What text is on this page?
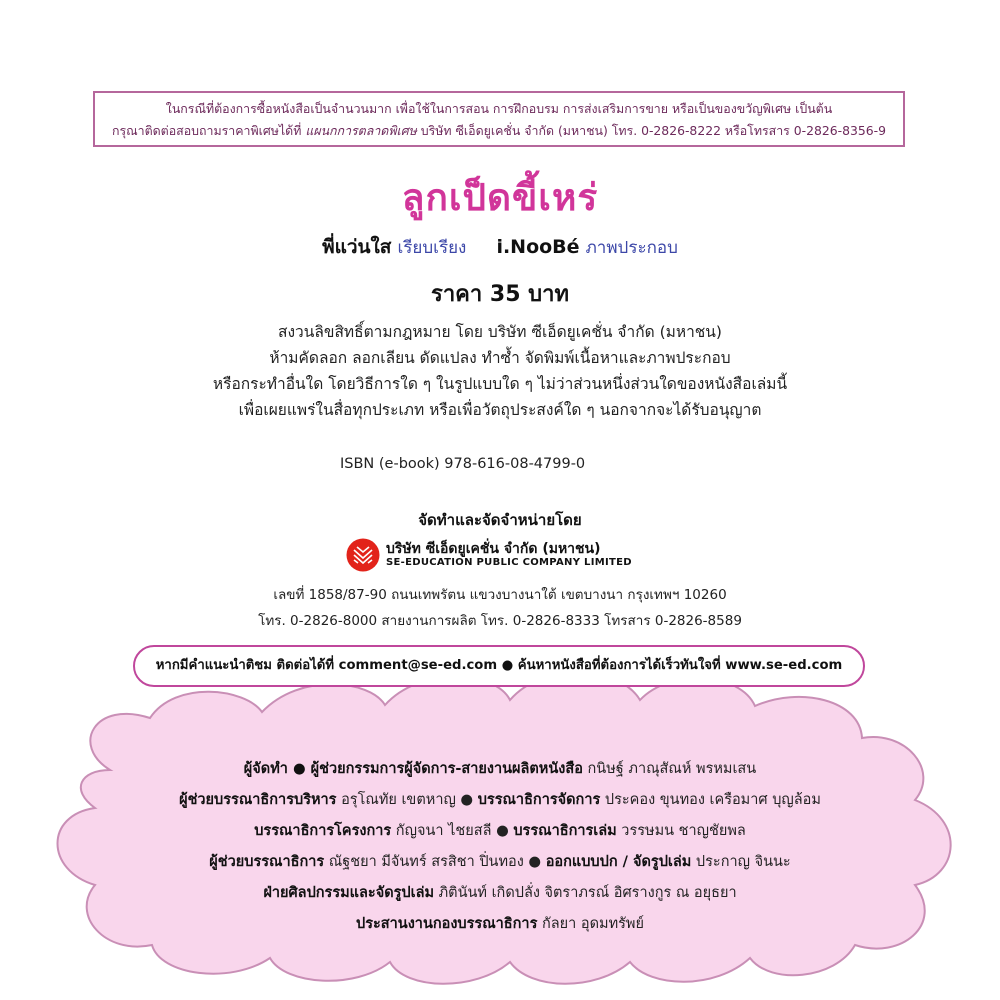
ในกรณีที่ต้องการซื้อหนังสือเป็นจำนวนมาก เพื่อใช้ในการสอน การฝึกอบรม การส่งเสริมการขาย หรือเป็นของขวัญพิเศษ เป็นต้น
กรุณาติดต่อสอบถามราคาพิเศษได้ที่ แผนกการตลาดพิเศษ บริษัท ซีเอ็ดยูเคชั่น จำกัด (มหาชน) โทร. 0-2826-8222 หรือโทรสาร 0-2826-8356-9
ลูกเป็ดขี้เหร่
พี่แว่นใส เรียบเรียง i.NooBé ภาพประกอบ
ราคา 35 บาท
สงวนลิขสิทธิ์ตามกฎหมาย โดย บริษัท ซีเอ็ดยูเคชั่น จำกัด (มหาชน)
ห้ามคัดลอก ลอกเลียน ดัดแปลง ทำซ้ำ จัดพิมพ์เนื้อหาและภาพประกอบ
หรือกระทำอื่นใด โดยวิธีการใด ๆ ในรูปแบบใด ๆ ไม่ว่าส่วนหนึ่งส่วนใดของหนังสือเล่มนี้
เพื่อเผยแพร่ในสื่อทุกประเภท หรือเพื่อวัตถุประสงค์ใด ๆ นอกจากจะได้รับอนุญาต
ISBN (e-book) 978-616-08-4799-0
จัดทำและจัดจำหน่ายโดย
บริษัท ซีเอ็ดยูเคชั่น จำกัด (มหาชน)
SE-EDUCATION PUBLIC COMPANY LIMITED
เลขที่ 1858/87-90 ถนนเทพรัตน แขวงบางนาใต้ เขตบางนา กรุงเทพฯ 10260
โทร. 0-2826-8000 สายงานการผลิต โทร. 0-2826-8333 โทรสาร 0-2826-8589
หากมีคำแนะนำติชม ติดต่อได้ที่ comment@se-ed.com ● ค้นหาหนังสือที่ต้องการได้เร็วทันใจที่ www.se-ed.com
ผู้จัดทำ ● ผู้ช่วยกรรมการผู้จัดการ-สายงานผลิตหนังสือ กนิษฐ์ ภาณุสัณห์ พรหมเสน
ผู้ช่วยบรรณาธิการบริหาร อรุโณทัย เขตหาญ ● บรรณาธิการจัดการ ประคอง ขุนทอง เครือมาศ บุญล้อม
บรรณาธิการโครงการ กัญจนา ไชยสลี ● บรรณาธิการเล่ม วรรษมน ชาญชัยพล
ผู้ช่วยบรรณาธิการ ณัฐชยา มีจันทร์ สรสิชา ปิ่นทอง ● ออกแบบปก / จัดรูปเล่ม ประกาญ จินนะ
ฝ่ายศิลปกรรมและจัดรูปเล่ม ภิตินันท์ เกิดปลั่ง จิตราภรณ์ อิศรางกูร ณ อยุธยา
ประสานงานกองบรรณาธิการ กัลยา อุดมทรัพย์
